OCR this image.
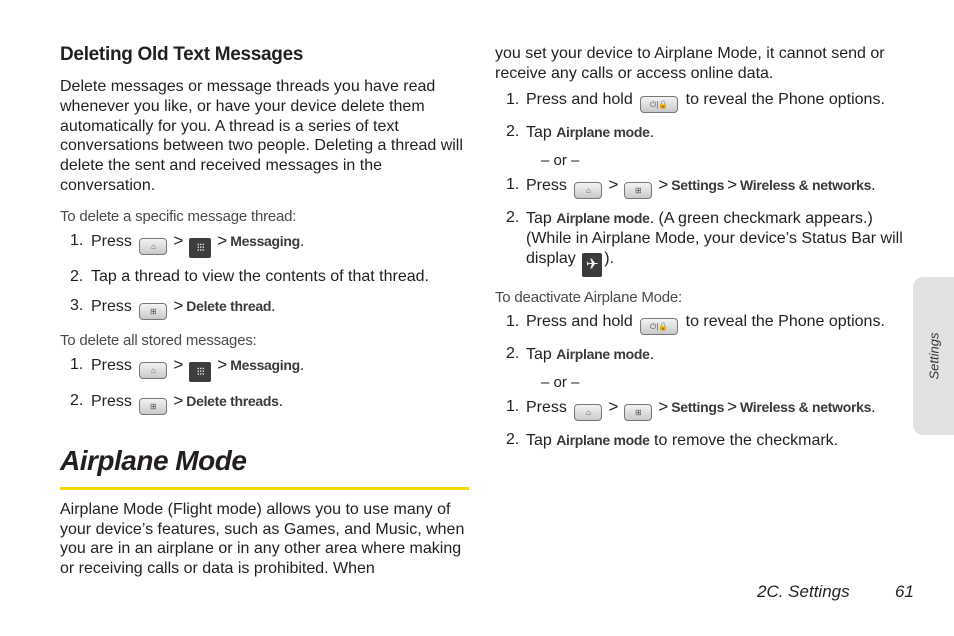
Deleting Old Text Messages

Delete messages or message threads you have read whenever you like, or have your device delete them automatically for you. A thread is a series of text conversations between two people. Deleting a thread will delete the sent and received messages in the conversation.

To delete a specific message thread:
1. Press ⌂ > ⁝⁝⁝ > Messaging.
2. Tap a thread to view the contents of that thread.
3. Press ⊞ > Delete thread.
To delete all stored messages:
1. Press ⌂ > ⁝⁝⁝ > Messaging.
2. Press ⊞ > Delete threads.
Airplane Mode

Airplane Mode (Flight mode) allows you to use many of your device’s features, such as Games, and Music, when you are in an airplane or in any other area where making or receiving calls or data is prohibited. When

you set your device to Airplane Mode, it cannot send or receive any calls or access online data.

1. Press and hold ⏻|🔒 to reveal the Phone options.
2. Tap Airplane mode.
– or –
1. Press ⌂ > ⊞ > Settings > Wireless & networks.
2. Tap Airplane mode. (A green checkmark appears.) (While in Airplane Mode, your device’s Status Bar will display ✈ ).
To deactivate Airplane Mode:
1. Press and hold ⏻|🔒 to reveal the Phone options.
2. Tap Airplane mode.
– or –
1. Press ⌂ > ⊞ > Settings > Wireless & networks.
2. Tap Airplane mode to remove the checkmark.
Settings
2C. Settings	61
